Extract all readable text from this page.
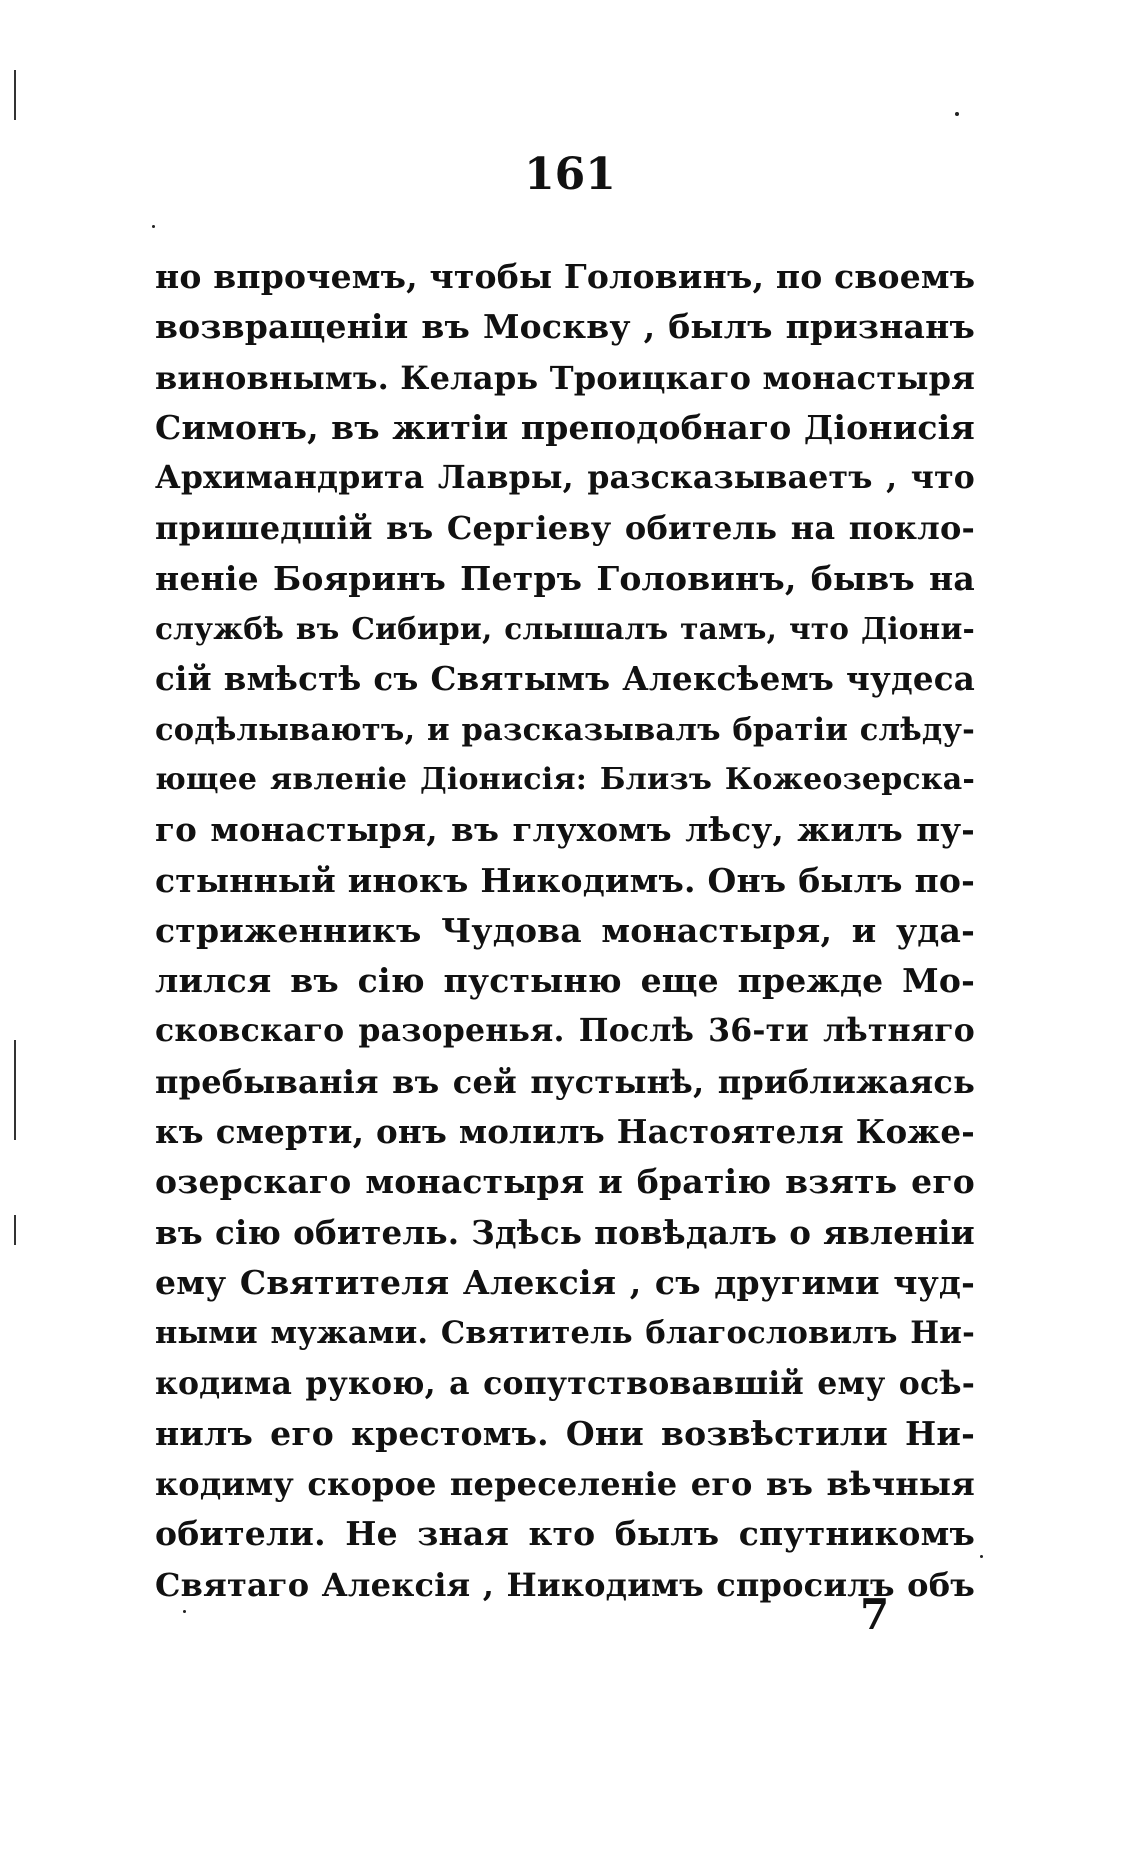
161
но впрочемъ, чтобы Головинъ, по своемъ
возвращеніи въ Москву , былъ признанъ
виновнымъ. Келарь Троицкаго монастыря
Симонъ, въ житіи преподобнаго Діонисія
Архимандрита Лавры, разсказываетъ , что
пришедшій въ Сергіеву обитель на покло-
неніе Бояринъ Петръ Головинъ, бывъ на
службѣ въ Сибири, слышалъ тамъ, что Діони-
сій вмѣстѣ съ Святымъ Алексѣемъ чудеса
содѣлываютъ, и разсказывалъ братіи слѣду-
ющее явленіе Діонисія: Близъ Кожеозерска-
го монастыря, въ глухомъ лѣсу, жилъ пу-
стынный инокъ Никодимъ. Онъ былъ по-
стриженникъ Чудова монастыря, и уда-
лился въ сію пустыню еще прежде Мо-
сковскаго разоренья. Послѣ 36-ти лѣтняго
пребыванія въ сей пустынѣ, приближаясь
къ смерти, онъ молилъ Настоятеля Коже-
озерскаго монастыря и братію взять его
въ сію обитель. Здѣсь повѣдалъ о явленіи
ему Святителя Алексія , съ другими чуд-
ными мужами. Святитель благословилъ Ни-
кодима рукою, а сопутствовавшій ему осѣ-
нилъ его крестомъ. Они возвѣстили Ни-
кодиму скорое переселеніе его въ вѣчныя
обители. Не зная кто былъ спутникомъ
Святаго Алексія , Никодимъ спросилъ объ
7
